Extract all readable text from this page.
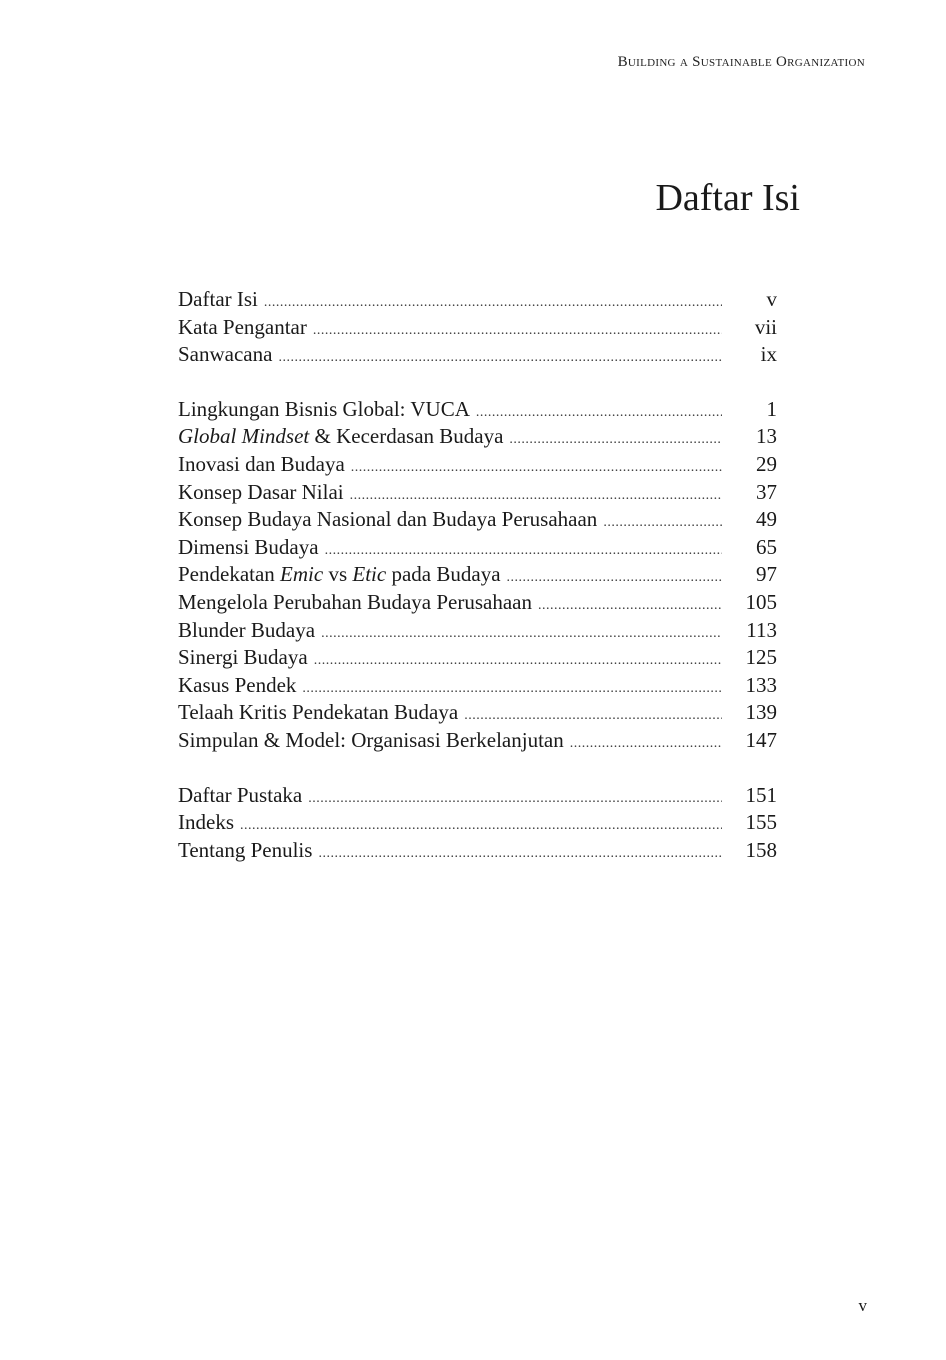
Building a Sustainable Organization
Daftar Isi
Daftar Isi .....	v
Kata Pengantar .....	vii
Sanwacana .....	ix
Lingkungan Bisnis Global: VUCA .....	1
Global Mindset & Kecerdasan Budaya .....	13
Inovasi dan Budaya .....	29
Konsep Dasar Nilai .....	37
Konsep Budaya Nasional dan Budaya Perusahaan .....	49
Dimensi Budaya .....	65
Pendekatan Emic vs Etic pada Budaya .....	97
Mengelola Perubahan Budaya Perusahaan .....	105
Blunder Budaya .....	113
Sinergi Budaya .....	125
Kasus Pendek .....	133
Telaah Kritis Pendekatan Budaya .....	139
Simpulan & Model: Organisasi Berkelanjutan .....	147
Daftar Pustaka .....	151
Indeks .....	155
Tentang Penulis .....	158
v
